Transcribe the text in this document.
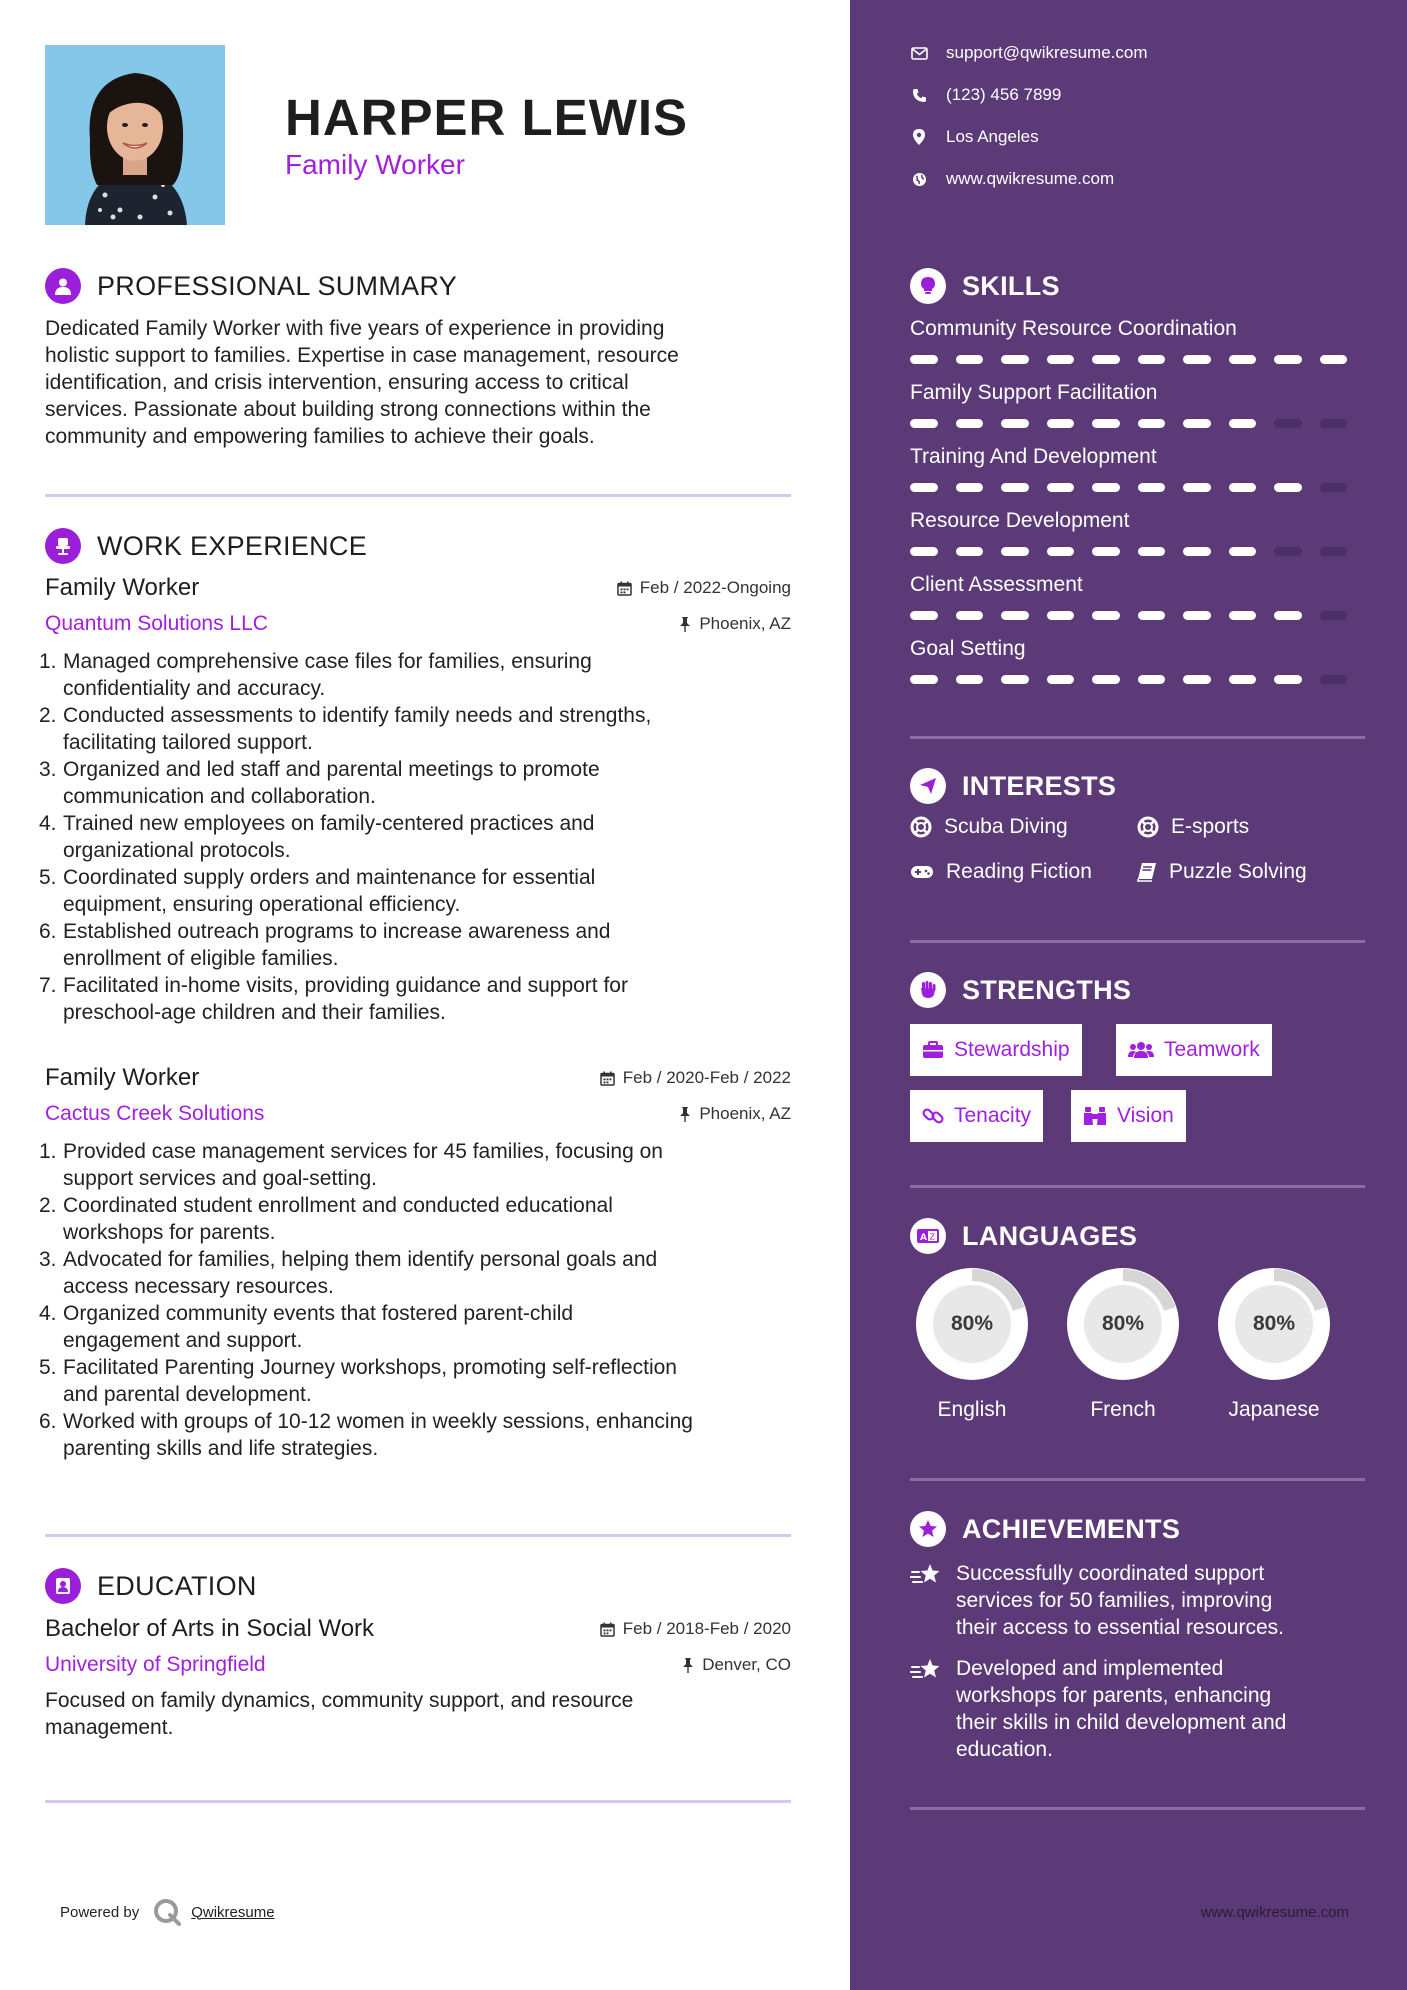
HARPER LEWIS
Family Worker
PROFESSIONAL SUMMARY
Dedicated Family Worker with five years of experience in providing
holistic support to families. Expertise in case management, resource
identification, and crisis intervention, ensuring access to critical
services. Passionate about building strong connections within the
community and empowering families to achieve their goals.
WORK EXPERIENCE
Family Worker	Feb / 2022-Ongoing
Quantum Solutions LLC	Phoenix, AZ
1. Managed comprehensive case files for families, ensuring
confidentiality and accuracy.
2. Conducted assessments to identify family needs and strengths,
facilitating tailored support.
3. Organized and led staff and parental meetings to promote
communication and collaboration.
4. Trained new employees on family-centered practices and
organizational protocols.
5. Coordinated supply orders and maintenance for essential
equipment, ensuring operational efficiency.
6. Established outreach programs to increase awareness and
enrollment of eligible families.
7. Facilitated in-home visits, providing guidance and support for
preschool-age children and their families.
Family Worker	Feb / 2020-Feb / 2022
Cactus Creek Solutions	Phoenix, AZ
1. Provided case management services for 45 families, focusing on
support services and goal-setting.
2. Coordinated student enrollment and conducted educational
workshops for parents.
3. Advocated for families, helping them identify personal goals and
access necessary resources.
4. Organized community events that fostered parent-child
engagement and support.
5. Facilitated Parenting Journey workshops, promoting self-reflection
and parental development.
6. Worked with groups of 10-12 women in weekly sessions, enhancing
parenting skills and life strategies.
EDUCATION
Bachelor of Arts in Social Work	Feb / 2018-Feb / 2020
University of Springfield	Denver, CO
Focused on family dynamics, community support, and resource
management.
Powered by	Qwikresume
support@qwikresume.com
(123) 456 7899
Los Angeles
www.qwikresume.com
SKILLS
Community Resource Coordination
Family Support Facilitation
Training And Development
Resource Development
Client Assessment
Goal Setting
INTERESTS
Scuba Diving	E-sports
Reading Fiction	Puzzle Solving
STRENGTHS
Stewardship	Teamwork
Tenacity	Vision
A Z LANGUAGES
80%
English
80%
French
80%
Japanese
ACHIEVEMENTS
Successfully coordinated support
services for 50 families, improving
their access to essential resources.
Developed and implemented
workshops for parents, enhancing
their skills in child development and
education.
www.qwikresume.com
